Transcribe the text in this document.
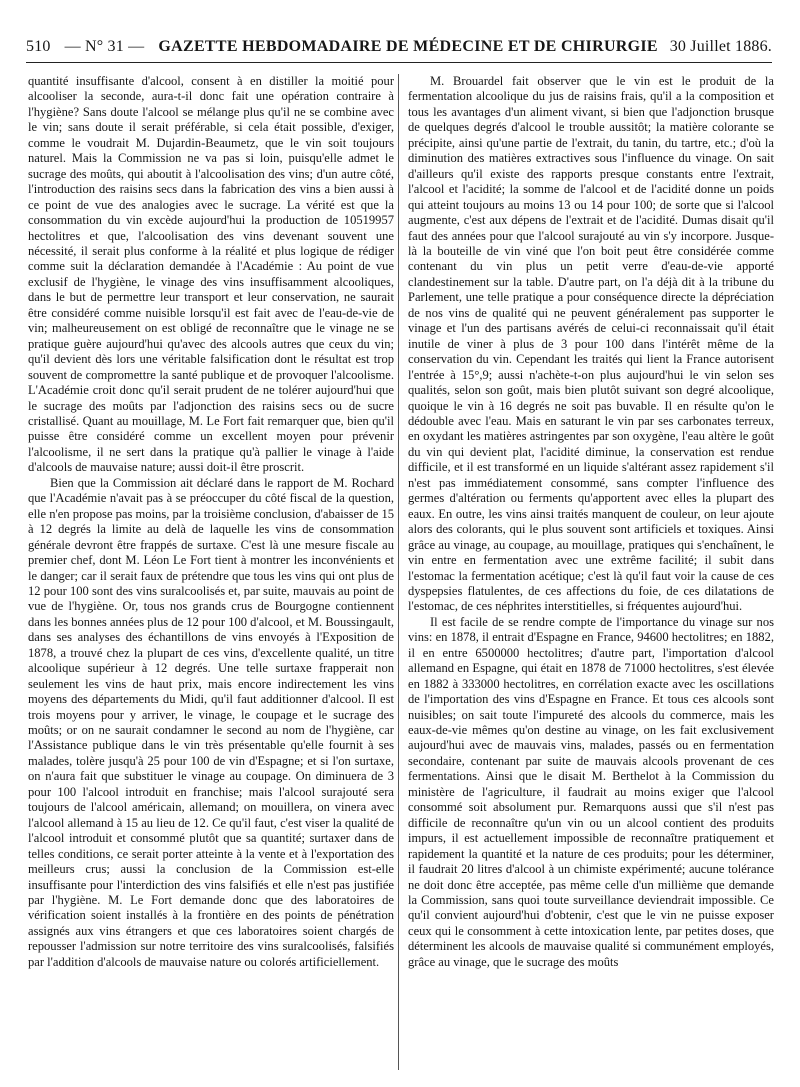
510 — N° 31 — GAZETTE HEBDOMADAIRE DE MÉDECINE ET DE CHIRURGIE 30 Juillet 1886.

quantité insuffisante d'alcool, consent à en distiller la moitié pour alcooliser la seconde, aura-t-il donc fait une opération contraire à l'hygiène? Sans doute l'alcool se mélange plus qu'il ne se combine avec le vin; sans doute il serait préférable, si cela était possible, d'exiger, comme le voudrait M. Dujardin-Beaumetz, que le vin soit toujours naturel. Mais la Commission ne va pas si loin, puisqu'elle admet le sucrage des moûts, qui aboutit à l'alcoolisation des vins; d'un autre côté, l'introduction des raisins secs dans la fabrication des vins a bien aussi à ce point de vue des analogies avec le sucrage. La vérité est que la consommation du vin excède aujourd'hui la production de 10519957 hectolitres et que, l'alcoolisation des vins devenant souvent une nécessité, il serait plus conforme à la réalité et plus logique de rédiger comme suit la déclaration demandée à l'Académie : Au point de vue exclusif de l'hygiène, le vinage des vins insuffisamment alcooliques, dans le but de permettre leur transport et leur conservation, ne saurait être considéré comme nuisible lorsqu'il est fait avec de l'eau-de-vie de vin; malheureusement on est obligé de reconnaître que le vinage ne se pratique guère aujourd'hui qu'avec des alcools autres que ceux du vin; qu'il devient dès lors une véritable falsification dont le résultat est trop souvent de compromettre la santé publique et de provoquer l'alcoolisme. L'Académie croit donc qu'il serait prudent de ne tolérer aujourd'hui que le sucrage des moûts par l'adjonction des raisins secs ou de sucre cristallisé. Quant au mouillage, M. Le Fort fait remarquer que, bien qu'il puisse être considéré comme un excellent moyen pour prévenir l'alcoolisme, il ne sert dans la pratique qu'à pallier le vinage à l'aide d'alcools de mauvaise nature; aussi doit-il être proscrit.

Bien que la Commission ait déclaré dans le rapport de M. Rochard que l'Académie n'avait pas à se préoccuper du côté fiscal de la question, elle n'en propose pas moins, par la troisième conclusion, d'abaisser de 15 à 12 degrés la limite au delà de laquelle les vins de consommation générale devront être frappés de surtaxe. C'est là une mesure fiscale au premier chef, dont M. Léon Le Fort tient à montrer les inconvénients et le danger; car il serait faux de prétendre que tous les vins qui ont plus de 12 pour 100 sont des vins suralcoolisés et, par suite, mauvais au point de vue de l'hygiène. Or, tous nos grands crus de Bourgogne contiennent dans les bonnes années plus de 12 pour 100 d'alcool, et M. Boussingault, dans ses analyses des échantillons de vins envoyés à l'Exposition de 1878, a trouvé chez la plupart de ces vins, d'excellente qualité, un titre alcoolique supérieur à 12 degrés. Une telle surtaxe frapperait non seulement les vins de haut prix, mais encore indirectement les vins moyens des départements du Midi, qu'il faut additionner d'alcool. Il est trois moyens pour y arriver, le vinage, le coupage et le sucrage des moûts; or on ne saurait condamner le second au nom de l'hygiène, car l'Assistance publique dans le vin très présentable qu'elle fournit à ses malades, tolère jusqu'à 25 pour 100 de vin d'Espagne; et si l'on surtaxe, on n'aura fait que substituer le vinage au coupage. On diminuera de 3 pour 100 l'alcool introduit en franchise; mais l'alcool surajouté sera toujours de l'alcool américain, allemand; on mouillera, on vinera avec l'alcool allemand à 15 au lieu de 12. Ce qu'il faut, c'est viser la qualité de l'alcool introduit et consommé plutôt que sa quantité; surtaxer dans de telles conditions, ce serait porter atteinte à la vente et à l'exportation des meilleurs crus; aussi la conclusion de la Commission est-elle insuffisante pour l'interdiction des vins falsifiés et elle n'est pas justifiée par l'hygiène. M. Le Fort demande donc que des laboratoires de vérification soient installés à la frontière en des points de pénétration assignés aux vins étrangers et que ces laboratoires soient chargés de repousser l'admission sur notre territoire des vins suralcoolisés, falsifiés par l'addition d'alcools de mauvaise nature ou colorés artificiellement.

M. Brouardel fait observer que le vin est le produit de la fermentation alcoolique du jus de raisins frais, qu'il a la composition et tous les avantages d'un aliment vivant, si bien que l'adjonction brusque de quelques degrés d'alcool le trouble aussitôt; la matière colorante se précipite, ainsi qu'une partie de l'extrait, du tanin, du tartre, etc.; d'où la diminution des matières extractives sous l'influence du vinage. On sait d'ailleurs qu'il existe des rapports presque constants entre l'extrait, l'alcool et l'acidité; la somme de l'alcool et de l'acidité donne un poids qui atteint toujours au moins 13 ou 14 pour 100; de sorte que si l'alcool augmente, c'est aux dépens de l'extrait et de l'acidité. Dumas disait qu'il faut des années pour que l'alcool surajouté au vin s'y incorpore. Jusque-là la bouteille de vin viné que l'on boit peut être considérée comme contenant du vin plus un petit verre d'eau-de-vie apporté clandestinement sur la table. D'autre part, on l'a déjà dit à la tribune du Parlement, une telle pratique a pour conséquence directe la dépréciation de nos vins de qualité qui ne peuvent généralement pas supporter le vinage et l'un des partisans avérés de celui-ci reconnaissait qu'il était inutile de viner à plus de 3 pour 100 dans l'intérêt même de la conservation du vin. Cependant les traités qui lient la France autorisent l'entrée à 15°,9; aussi n'achète-t-on plus aujourd'hui le vin selon ses qualités, selon son goût, mais bien plutôt suivant son degré alcoolique, quoique le vin à 16 degrés ne soit pas buvable. Il en résulte qu'on le dédouble avec l'eau. Mais en saturant le vin par ses carbonates terreux, en oxydant les matières astringentes par son oxygène, l'eau altère le goût du vin qui devient plat, l'acidité diminue, la conservation est rendue difficile, et il est transformé en un liquide s'altérant assez rapidement s'il n'est pas immédiatement consommé, sans compter l'influence des germes d'altération ou ferments qu'apportent avec elles la plupart des eaux. En outre, les vins ainsi traités manquent de couleur, on leur ajoute alors des colorants, qui le plus souvent sont artificiels et toxiques. Ainsi grâce au vinage, au coupage, au mouillage, pratiques qui s'enchaînent, le vin entre en fermentation avec une extrême facilité; il subit dans l'estomac la fermentation acétique; c'est là qu'il faut voir la cause de ces dyspepsies flatulentes, de ces affections du foie, de ces dilatations de l'estomac, de ces néphrites interstitielles, si fréquentes aujourd'hui.

Il est facile de se rendre compte de l'importance du vinage sur nos vins: en 1878, il entrait d'Espagne en France, 94600 hectolitres; en 1882, il en entre 6500000 hectolitres; d'autre part, l'importation d'alcool allemand en Espagne, qui était en 1878 de 71000 hectolitres, s'est élevée en 1882 à 333000 hectolitres, en corrélation exacte avec les oscillations de l'importation des vins d'Espagne en France. Et tous ces alcools sont nuisibles; on sait toute l'impureté des alcools du commerce, mais les eaux-de-vie mêmes qu'on destine au vinage, on les fait exclusivement aujourd'hui avec de mauvais vins, malades, passés ou en fermentation secondaire, contenant par suite de mauvais alcools provenant de ces fermentations. Ainsi que le disait M. Berthelot à la Commission du ministère de l'agriculture, il faudrait au moins exiger que l'alcool consommé soit absolument pur. Remarquons aussi que s'il n'est pas difficile de reconnaître qu'un vin ou un alcool contient des produits impurs, il est actuellement impossible de reconnaître pratiquement et rapidement la quantité et la nature de ces produits; pour les déterminer, il faudrait 20 litres d'alcool à un chimiste expérimenté; aucune tolérance ne doit donc être acceptée, pas même celle d'un millième que demande la Commission, sans quoi toute surveillance deviendrait impossible. Ce qu'il convient aujourd'hui d'obtenir, c'est que le vin ne puisse exposer ceux qui le consomment à cette intoxication lente, par petites doses, que déterminent les alcools de mauvaise qualité si communément employés, grâce au vinage, que le sucrage des moûts
